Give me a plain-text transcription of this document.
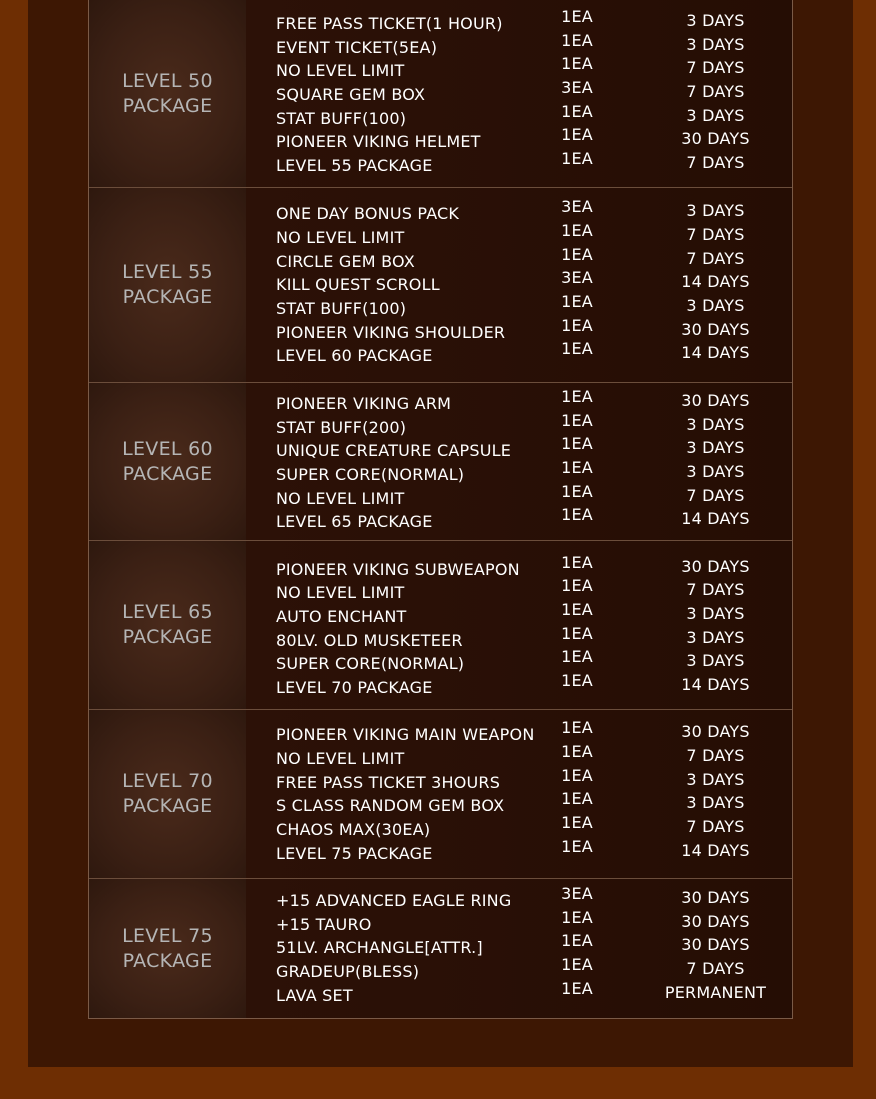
LEVEL 50
PACKAGE
FREE PASS TICKET(1 HOUR)	1EA	3 DAYS
EVENT TICKET(5EA)	1EA	3 DAYS
NO LEVEL LIMIT	1EA	7 DAYS
SQUARE GEM BOX	3EA	7 DAYS
STAT BUFF(100)	1EA	3 DAYS
PIONEER VIKING HELMET	1EA	30 DAYS
LEVEL 55 PACKAGE	1EA	7 DAYS
LEVEL 55
PACKAGE
ONE DAY BONUS PACK	3EA	3 DAYS
NO LEVEL LIMIT	1EA	7 DAYS
CIRCLE GEM BOX	1EA	7 DAYS
KILL QUEST SCROLL	3EA	14 DAYS
STAT BUFF(100)	1EA	3 DAYS
PIONEER VIKING SHOULDER	1EA	30 DAYS
LEVEL 60 PACKAGE	1EA	14 DAYS
LEVEL 60
PACKAGE
PIONEER VIKING ARM	1EA	30 DAYS
STAT BUFF(200)	1EA	3 DAYS
UNIQUE CREATURE CAPSULE	1EA	3 DAYS
SUPER CORE(NORMAL)	1EA	3 DAYS
NO LEVEL LIMIT	1EA	7 DAYS
LEVEL 65 PACKAGE	1EA	14 DAYS
LEVEL 65
PACKAGE
PIONEER VIKING SUBWEAPON	1EA	30 DAYS
NO LEVEL LIMIT	1EA	7 DAYS
AUTO ENCHANT	1EA	3 DAYS
80LV. OLD MUSKETEER	1EA	3 DAYS
SUPER CORE(NORMAL)	1EA	3 DAYS
LEVEL 70 PACKAGE	1EA	14 DAYS
LEVEL 70
PACKAGE
PIONEER VIKING MAIN WEAPON	1EA	30 DAYS
NO LEVEL LIMIT	1EA	7 DAYS
FREE PASS TICKET 3HOURS	1EA	3 DAYS
S CLASS RANDOM GEM BOX	1EA	3 DAYS
CHAOS MAX(30EA)	1EA	7 DAYS
LEVEL 75 PACKAGE	1EA	14 DAYS
LEVEL 75
PACKAGE
+15 ADVANCED EAGLE RING	3EA	30 DAYS
+15 TAURO	1EA	30 DAYS
51LV. ARCHANGLE[ATTR.]	1EA	30 DAYS
GRADEUP(BLESS)	1EA	7 DAYS
LAVA SET	1EA	PERMANENT
